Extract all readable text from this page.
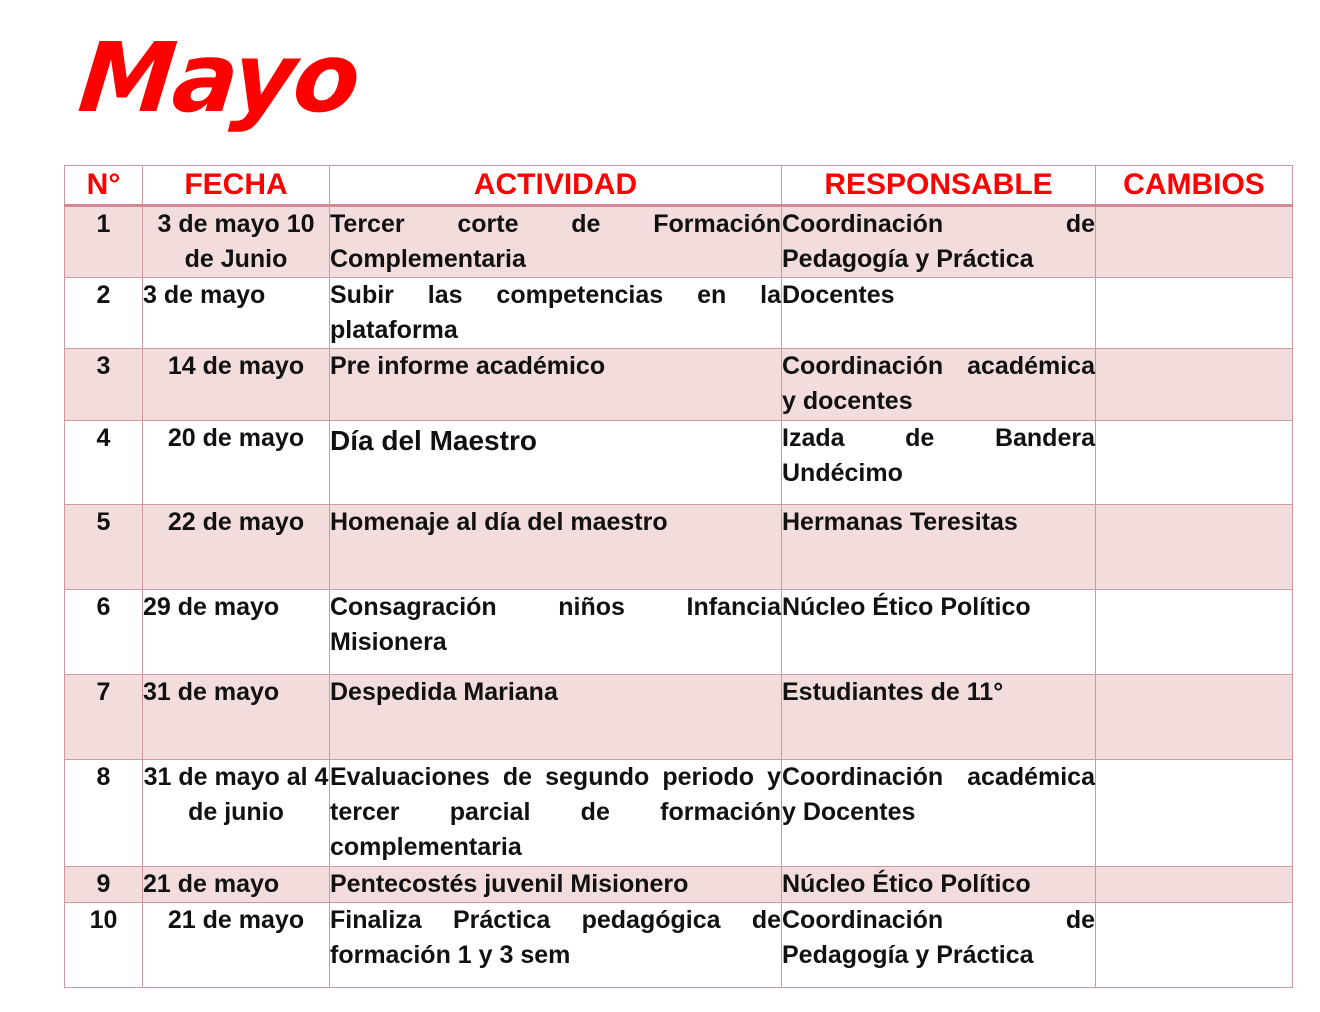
Mayo
N°	FECHA	ACTIVIDAD	RESPONSABLE	CAMBIOS
1	3 de mayo 10 de Junio	Tercer corte de Formación Complementaria	Coordinación de Pedagogía y Práctica	
2	3 de mayo	Subir las competencias en la plataforma	Docentes	
3	14 de mayo	Pre informe académico	Coordinación académica y docentes	
4	20 de mayo	Día del Maestro	Izada de Bandera Undécimo	
5	22 de mayo	Homenaje al día del maestro	Hermanas Teresitas	
6	29 de mayo	Consagración niños Infancia Misionera	Núcleo Ético Político	
7	31 de mayo	Despedida Mariana	Estudiantes de 11°	
8	31 de mayo al 4 de junio	Evaluaciones de segundo periodo y tercer parcial de formación complementaria	Coordinación académica y Docentes	
9	21 de mayo	Pentecostés juvenil Misionero	Núcleo Ético Político	
10	21 de mayo	Finaliza Práctica pedagógica de formación 1 y 3 sem	Coordinación de Pedagogía y Práctica	
